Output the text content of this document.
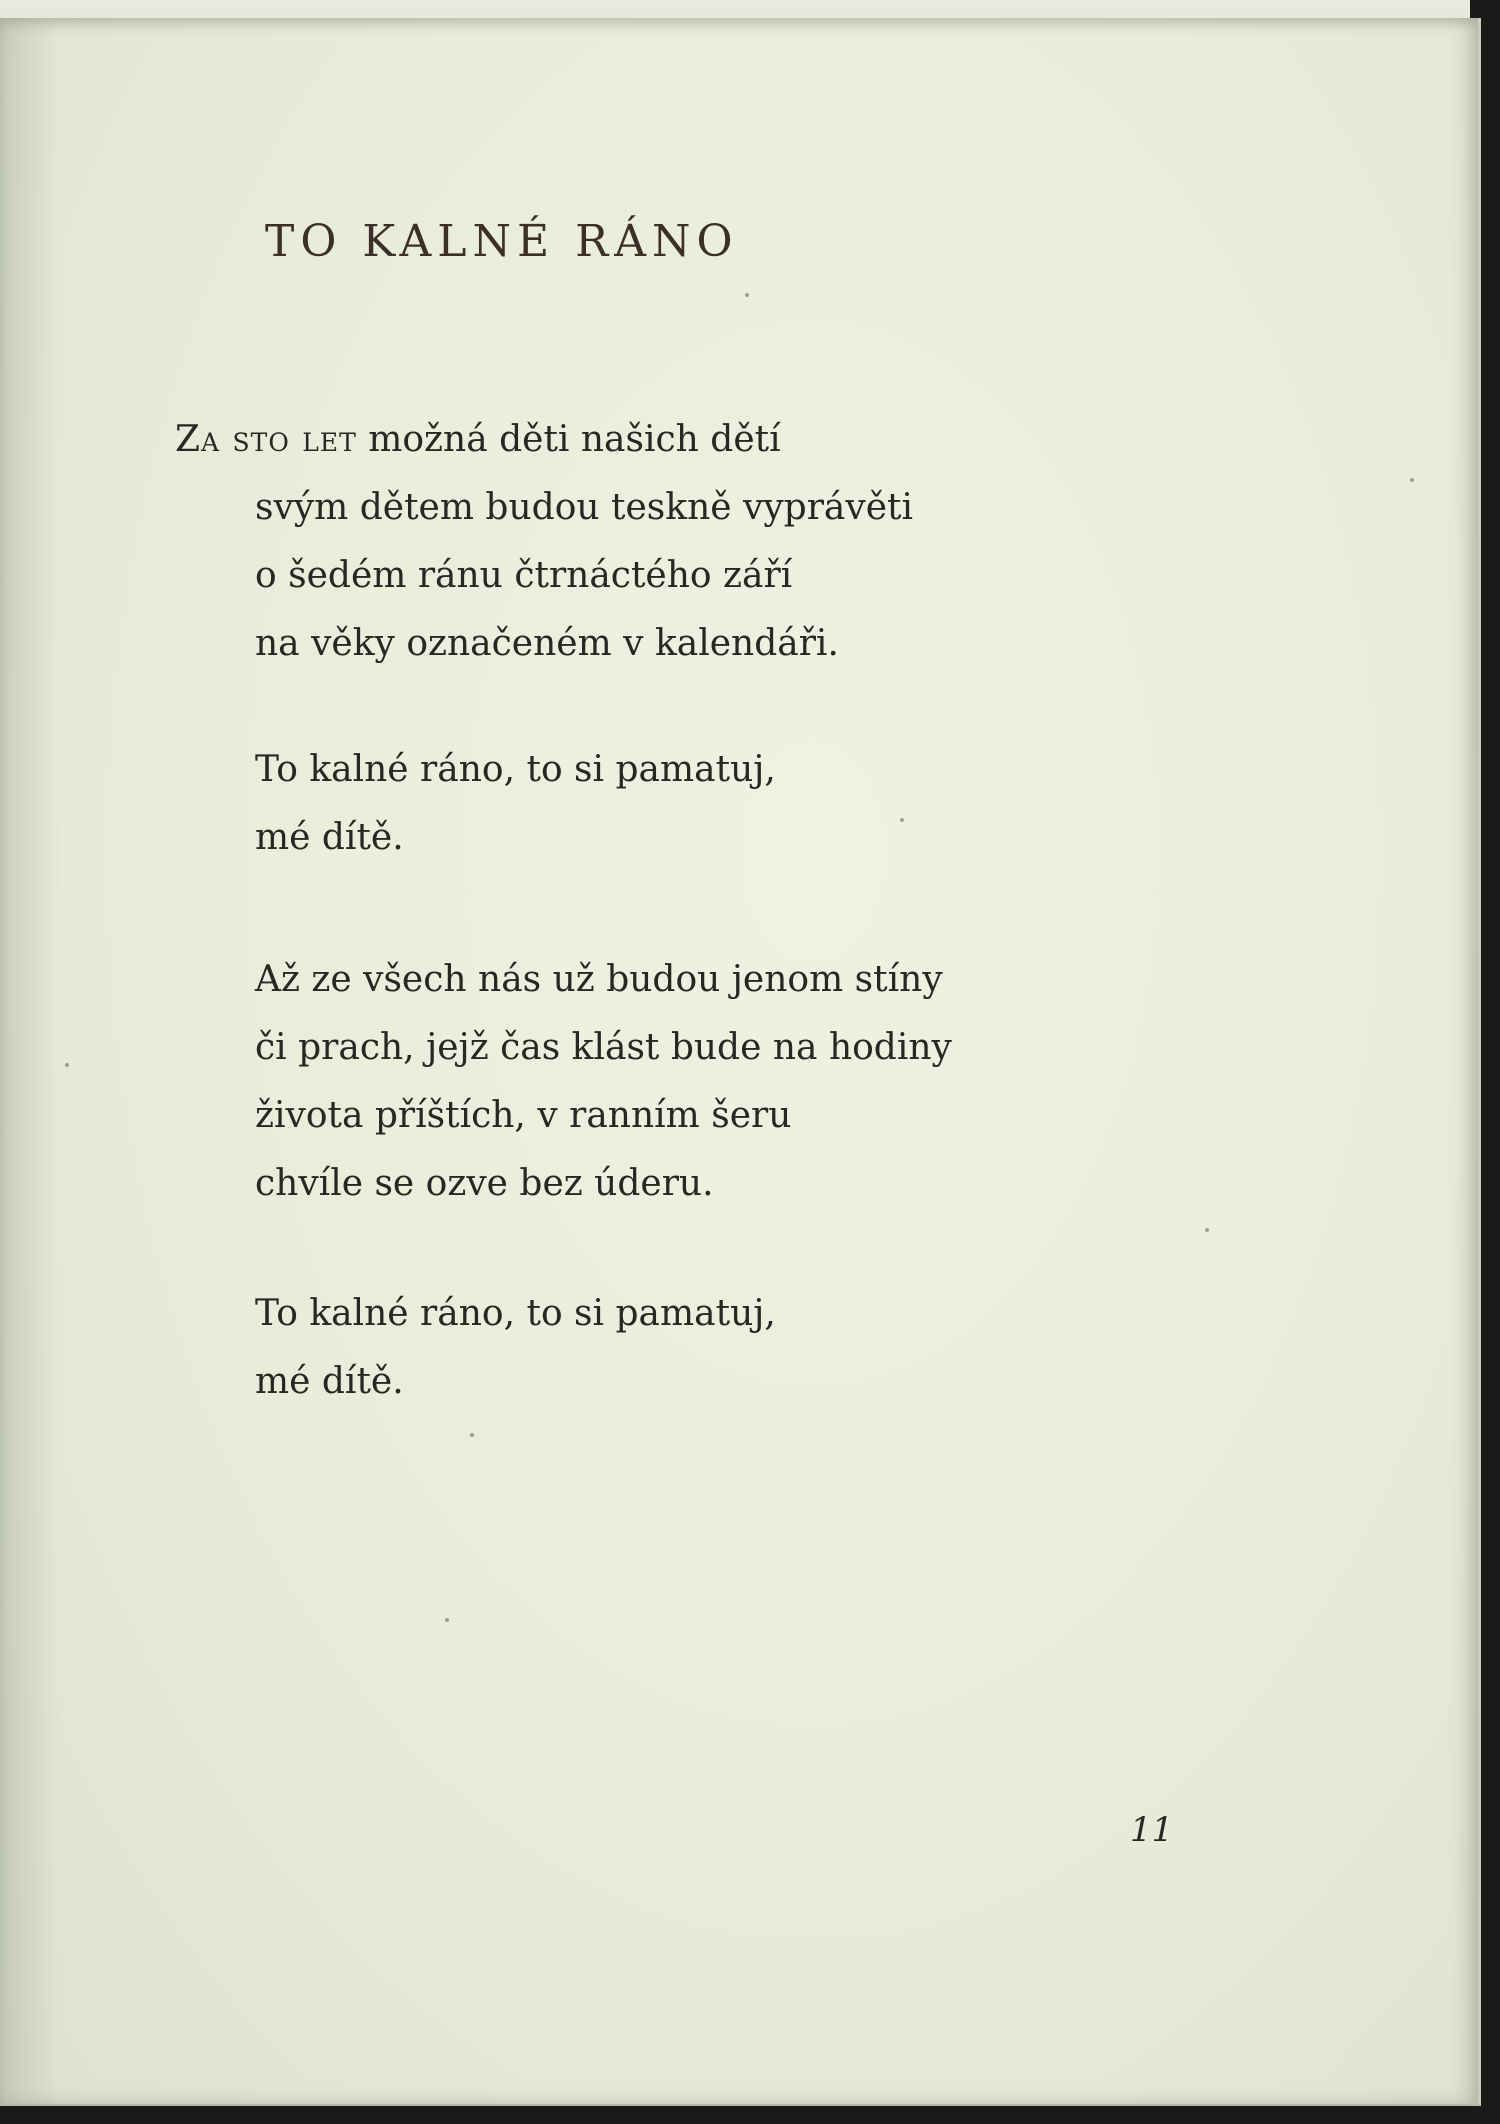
TO KALNÉ RÁNO
Za sto let možná děti našich dětí
svým dětem budou teskně vyprávěti
o šedém ránu čtrnáctého září
na věky označeném v kalendáři.
To kalné ráno, to si pamatuj,
mé dítě.
Až ze všech nás už budou jenom stíny
či prach, jejž čas klást bude na hodiny
života příštích, v ranním šeru
chvíle se ozve bez úderu.
To kalné ráno, to si pamatuj,
mé dítě.
11
